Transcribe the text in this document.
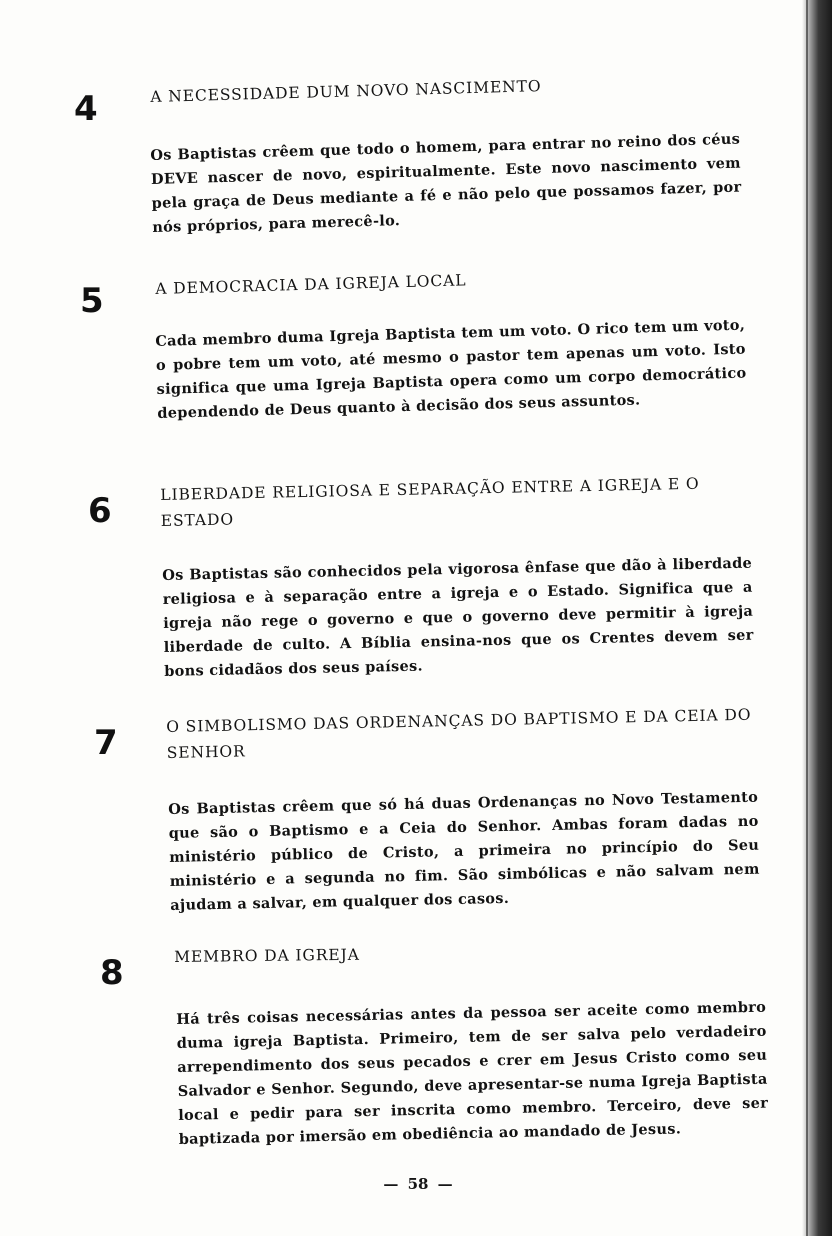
4	A NECESSIDADE DUM NOVO NASCIMENTO
Os Baptistas crêem que todo o homem, para entrar no reino dos céus DEVE nascer de novo, espiritualmente. Este novo nascimento vem pela graça de Deus mediante a fé e não pelo que possamos fazer, por nós próprios, para merecê-lo.
5	A DEMOCRACIA DA IGREJA LOCAL
Cada membro duma Igreja Baptista tem um voto. O rico tem um voto, o pobre tem um voto, até mesmo o pastor tem apenas um voto. Isto significa que uma Igreja Baptista opera como um corpo democrático dependendo de Deus quanto à decisão dos seus assuntos.
6
LIBERDADE RELIGIOSA E SEPARAÇÃO ENTRE A IGREJA E O ESTADO
Os Baptistas são conhecidos pela vigorosa ênfase que dão à liberdade religiosa e à separação entre a igreja e o Estado. Significa que a igreja não rege o governo e que o governo deve permitir à igreja liberdade de culto. A Bíblia ensina-nos que os Crentes devem ser bons cidadãos dos seus países.
7
O SIMBOLISMO DAS ORDENANÇAS DO BAPTISMO E DA CEIA DO SENHOR
Os Baptistas crêem que só há duas Ordenanças no Novo Testamento que são o Baptismo e a Ceia do Senhor. Ambas foram dadas no ministério público de Cristo, a primeira no princípio do Seu ministério e a segunda no fim. São simbólicas e não salvam nem ajudam a salvar, em qualquer dos casos.
8	MEMBRO DA IGREJA
Há três coisas necessárias antes da pessoa ser aceite como membro duma igreja Baptista. Primeiro, tem de ser salva pelo verdadeiro arrependimento dos seus pecados e crer em Jesus Cristo como seu Salvador e Senhor. Segundo, deve apresentar-se numa Igreja Baptista local e pedir para ser inscrita como membro. Terceiro, deve ser baptizada por imersão em obediência ao mandado de Jesus.
— 58 —
